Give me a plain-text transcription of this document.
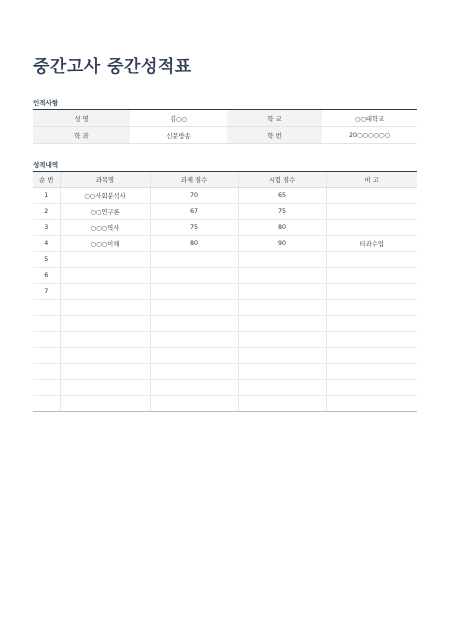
중간고사 중간성적표
인적사항
성 명	김○○	학 교	○○대학교
학 과	신문방송	학 번	20○○○○○○
성적내역
순 번	과목명	과제 점수	시험 점수	비 고
1	○○사회분석사	70	65	
2	○○연구론	67	75	
3	○○○역사	75	80	
4	○○○이해	80	90	타과수업
5				
6				
7				
